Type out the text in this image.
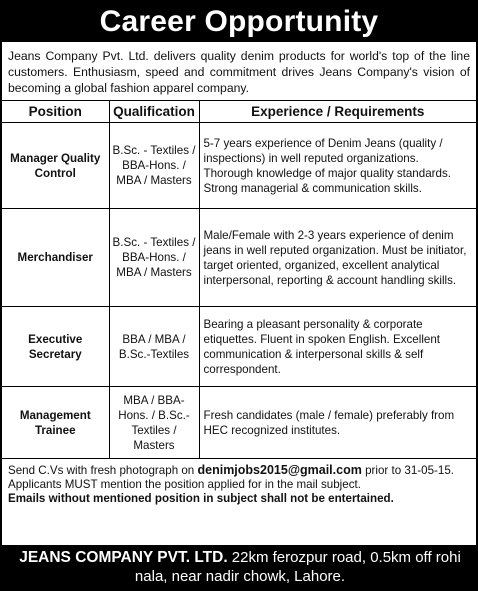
Career Opportunity
Jeans Company Pvt. Ltd. delivers quality denim products for world's top of the line customers. Enthusiasm, speed and commitment drives Jeans Company's vision of becoming a global fashion apparel company.
Position	Qualification	Experience / Requirements
Manager Quality Control	B.Sc. - Textiles / BBA-Hons. / MBA / Masters	5-7 years experience of Denim Jeans (quality / inspections) in well reputed organizations. Thorough knowledge of major quality standards. Strong managerial & communication skills.
Merchandiser	B.Sc. - Textiles / BBA-Hons. / MBA / Masters	Male/Female with 2-3 years experience of denim jeans in well reputed organization. Must be initiator, target oriented, organized, excellent analytical interpersonal, reporting & account handling skills.
Executive Secretary	BBA / MBA / B.Sc.-Textiles	Bearing a pleasant personality & corporate etiquettes. Fluent in spoken English. Excellent communication & interpersonal skills & self correspondent.
Management Trainee	MBA / BBA-Hons. / B.Sc.-Textiles / Masters	Fresh candidates (male / female) preferably from HEC recognized institutes.
Send C.Vs with fresh photograph on denimjobs2015@gmail.com prior to 31-05-15. Applicants MUST mention the position applied for in the mail subject.
Emails without mentioned position in subject shall not be entertained.
JEANS COMPANY PVT. LTD. 22km ferozpur road, 0.5km off rohi nala, near nadir chowk, Lahore.
